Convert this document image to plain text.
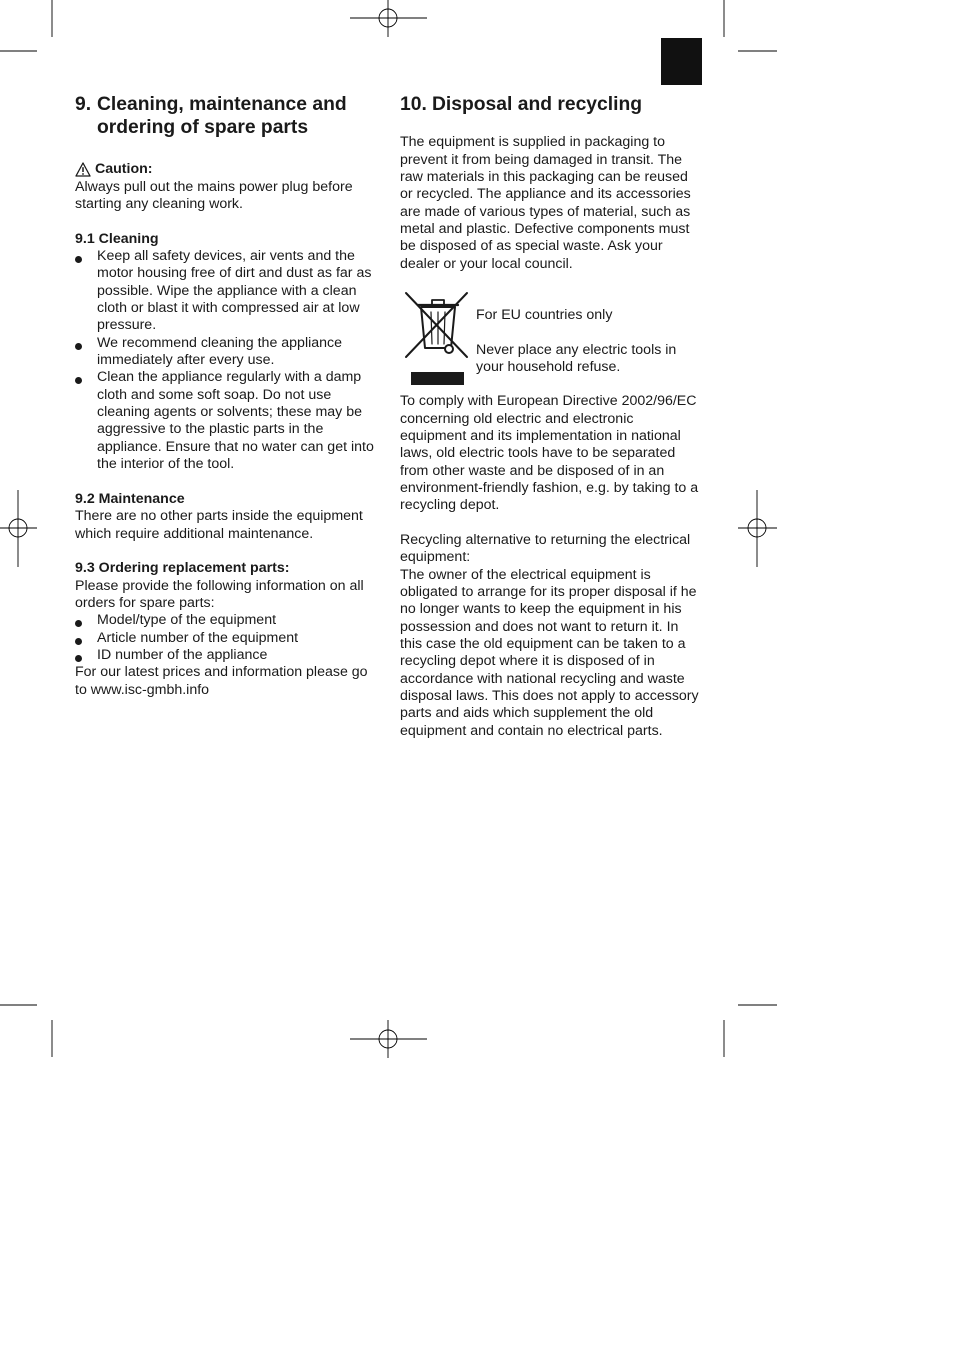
9. Cleaning, maintenance and
ordering of spare parts
Caution:
Always pull out the mains power plug before
starting any cleaning work.
9.1 Cleaning
Keep all safety devices, air vents and the
motor housing free of dirt and dust as far as
possible. Wipe the appliance with a clean
cloth or blast it with compressed air at low
pressure.
We recommend cleaning the appliance
immediately after every use.
Clean the appliance regularly with a damp
cloth and some soft soap. Do not use
cleaning agents or solvents; these may be
aggressive to the plastic parts in the
appliance. Ensure that no water can get into
the interior of the tool.
9.2 Maintenance
There are no other parts inside the equipment
which require additional maintenance.
9.3 Ordering replacement parts:
Please provide the following information on all
orders for spare parts:
Model/type of the equipment
Article number of the equipment
ID number of the appliance
For our latest prices and information please go
to www.isc-gmbh.info
10. Disposal and recycling
The equipment is supplied in packaging to
prevent it from being damaged in transit. The
raw materials in this packaging can be reused
or recycled. The appliance and its accessories
are made of various types of material, such as
metal and plastic. Defective components must
be disposed of as special waste. Ask your
dealer or your local council.
For EU countries only
Never place any electric tools in
your household refuse.
To comply with European Directive 2002/96/EC
concerning old electric and electronic
equipment and its implementation in national
laws, old electric tools have to be separated
from other waste and be disposed of in an
environment-friendly fashion, e.g. by taking to a
recycling depot.
Recycling alternative to returning the electrical
equipment:
The owner of the electrical equipment is
obligated to arrange for its proper disposal if he
no longer wants to keep the equipment in his
possession and does not want to return it. In
this case the old equipment can be taken to a
recycling depot where it is disposed of in
accordance with national recycling and waste
disposal laws. This does not apply to accessory
parts and aids which supplement the old
equipment and contain no electrical parts.
